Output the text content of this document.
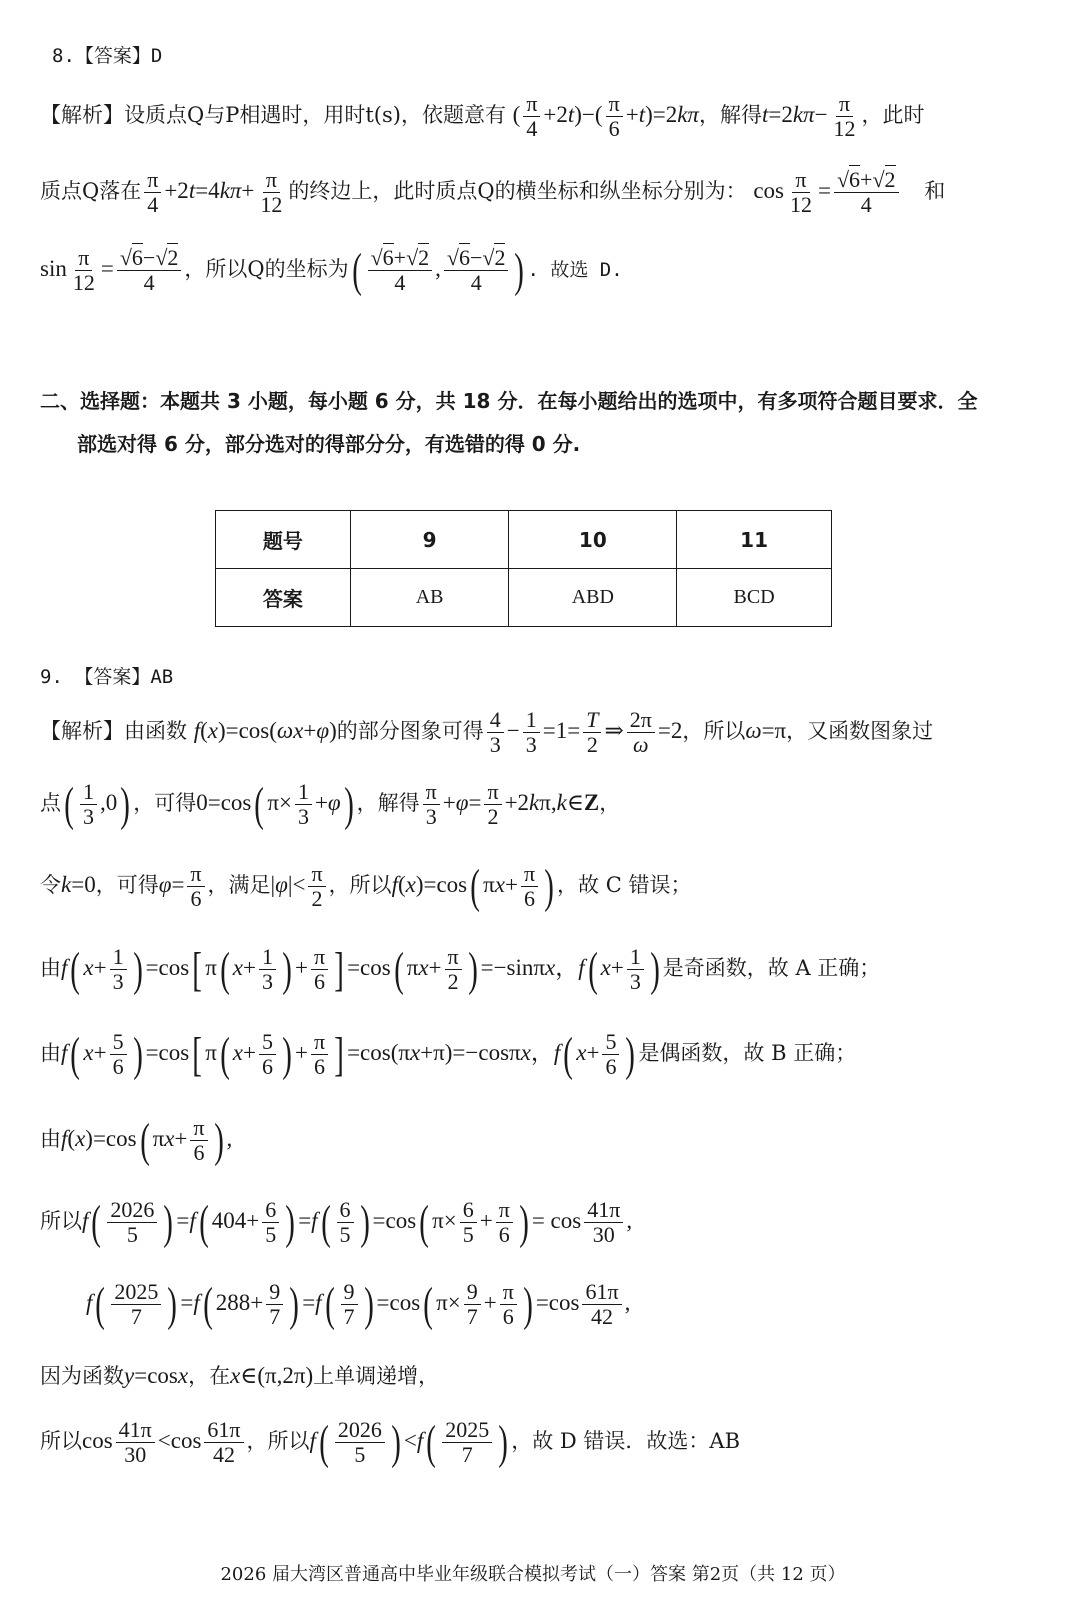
8.【答案】D
【解析】设质点Q与P相遇时，用时t(s)，依题意有 ( $\frac{\pi}{4} +2t)-( \frac{\pi}{6} +t)=2k\pi$，解得$t=2k\pi- \frac{\pi}{12}$ ，此时
质点Q落在 $\frac{\pi}{4} +2t=4k\pi+ \frac{\pi}{12}$ 的终边上，此时质点Q的横坐标和纵坐标分别为： $\cos \frac{\pi}{12} = \frac{√6+√2}{4}$ 和
$\sin \frac{\pi}{12} = \frac{√6-√2}{4}$ ，所以Q的坐标为( $\frac{√6+√2}{4}$ , $\frac{√6-√2}{4}$ ) . 故选 D.
二、选择题：本题共 3 小题，每小题 6 分，共 18 分．在每小题给出的选项中，有多项符合题目要求．全
部选对得 6 分，部分选对的得部分分，有选错的得 0 分.
题号	9	10	11
答案	AB	ABD	BCD
9. 【答案】AB
【解析】由函数 f(x)=cos(ωx+φ)的部分图象可得 $\frac{4}{3} - \frac{1}{3} =1= \frac{T}{2}$ ⇒ $\frac{2\pi}{\omega} =2$，所以ω=π，又函数图象过
点( $\frac{1}{3} ,0$) ，可得0=cos( $\pi\times \frac{1}{3} +\varphi$) ，解得 $\frac{\pi}{3} +\varphi= \frac{\pi}{2}$ +2kπ,k∈Z，
令k=0，可得$\varphi= \frac{\pi}{6}$ ，满足$|\varphi|< \frac{\pi}{2}$ ，所以f(x)=cos( $\pi x+ \frac{\pi}{6}$ ) ，故 C 错误；
由f( $x+ \frac{1}{3}$ ) =cos[ π( $x+ \frac{1}{3}$ ) + $\frac{\pi}{6}$ ] =cos( $\pi x+ \frac{\pi}{2}$ ) =−sinπx，f( $x+ \frac{1}{3}$ ) 是奇函数，故 A 正确；
由f( $x+ \frac{5}{6}$ ) =cos[ π( $x+ \frac{5}{6}$ ) + $\frac{\pi}{6}$ ] =cos(πx+π)=−cosπx，f( $x+ \frac{5}{6}$ ) 是偶函数，故 B 正确；
由f(x)=cos( $\pi x+ \frac{\pi}{6}$ ) ,
所以$f( \frac{2026}{5}$ ) =f( $404+ \frac{6}{5}$ ) $=f( \frac{6}{5}$ ) =cos( $\pi\times \frac{6}{5} + \frac{\pi}{6}$ ) = $\cos \frac{41\pi}{30}$ ,
$f( \frac{2025}{7}$ ) =f( $288+ \frac{9}{7}$ ) $=f( \frac{9}{7}$ ) =cos( $\pi\times \frac{9}{7} + \frac{\pi}{6}$ ) $=\cos \frac{61\pi}{42}$ ,
因为函数y=cosx，在x∈(π,2π)上单调递增，
所以$\cos \frac{41\pi}{30} <\cos \frac{61\pi}{42}$ ，所以$f( \frac{2026}{5}$ ) $<f( \frac{2025}{7}$ ) ，故 D 错误．故选：AB
2026 届大湾区普通高中毕业年级联合模拟考试（一）答案 第2页（共 12 页）
